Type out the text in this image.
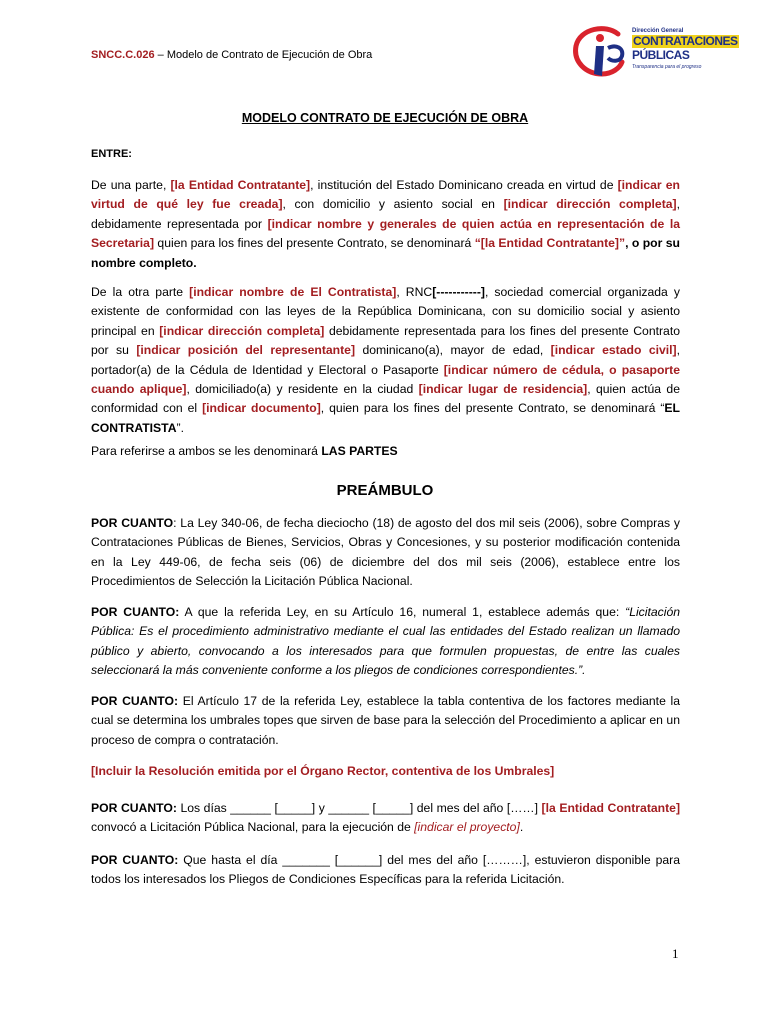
SNCC.C.026 – Modelo de Contrato de Ejecución de Obra
Dirección General
CONTRATACIONES
PÚBLICAS
Transparencia para el progreso
MODELO CONTRATO DE EJECUCIÓN DE OBRA
ENTRE:
De una parte, [la Entidad Contratante], institución del Estado Dominicano creada en virtud de [indicar en virtud de qué ley fue creada], con domicilio y asiento social en [indicar dirección completa], debidamente representada por [indicar nombre y generales de quien actúa en representación de la Secretaria] quien para los fines del presente Contrato, se denominará “[la Entidad Contratante]”, o por su nombre completo.
De la otra parte [indicar nombre de El Contratista], RNC[-----------], sociedad comercial organizada y existente de conformidad con las leyes de la República Dominicana, con su domicilio social y asiento principal en [indicar dirección completa] debidamente representada para los fines del presente Contrato por su [indicar posición del representante] dominicano(a), mayor de edad, [indicar estado civil], portador(a) de la Cédula de Identidad y Electoral o Pasaporte [indicar número de cédula, o pasaporte cuando aplique], domiciliado(a) y residente en la ciudad [indicar lugar de residencia], quien actúa de conformidad con el [indicar documento], quien para los fines del presente Contrato, se denominará “EL CONTRATISTA”.
Para referirse a ambos se les denominará LAS PARTES
PREÁMBULO
POR CUANTO: La Ley 340-06, de fecha dieciocho (18) de agosto del dos mil seis (2006), sobre Compras y Contrataciones Públicas de Bienes, Servicios, Obras y Concesiones, y su posterior modificación contenida en la Ley 449-06, de fecha seis (06) de diciembre del dos mil seis (2006), establece entre los Procedimientos de Selección la Licitación Pública Nacional.
POR CUANTO: A que la referida Ley, en su Artículo 16, numeral 1, establece además que: “Licitación Pública: Es el procedimiento administrativo mediante el cual las entidades del Estado realizan un llamado público y abierto, convocando a los interesados para que formulen propuestas, de entre las cuales seleccionará la más conveniente conforme a los pliegos de condiciones correspondientes.”.
POR CUANTO: El Artículo 17 de la referida Ley, establece la tabla contentiva de los factores mediante la cual se determina los umbrales topes que sirven de base para la selección del Procedimiento a aplicar en un proceso de compra o contratación.
[Incluir la Resolución emitida por el Órgano Rector, contentiva de los Umbrales]
POR CUANTO: Los días ______ [_____] y ______ [_____] del mes del año [……] [la Entidad Contratante] convocó a Licitación Pública Nacional, para la ejecución de [indicar el proyecto].
POR CUANTO: Que hasta el día _______ [______] del mes del año [………], estuvieron disponible para todos los interesados los Pliegos de Condiciones Específicas para la referida Licitación.
1
